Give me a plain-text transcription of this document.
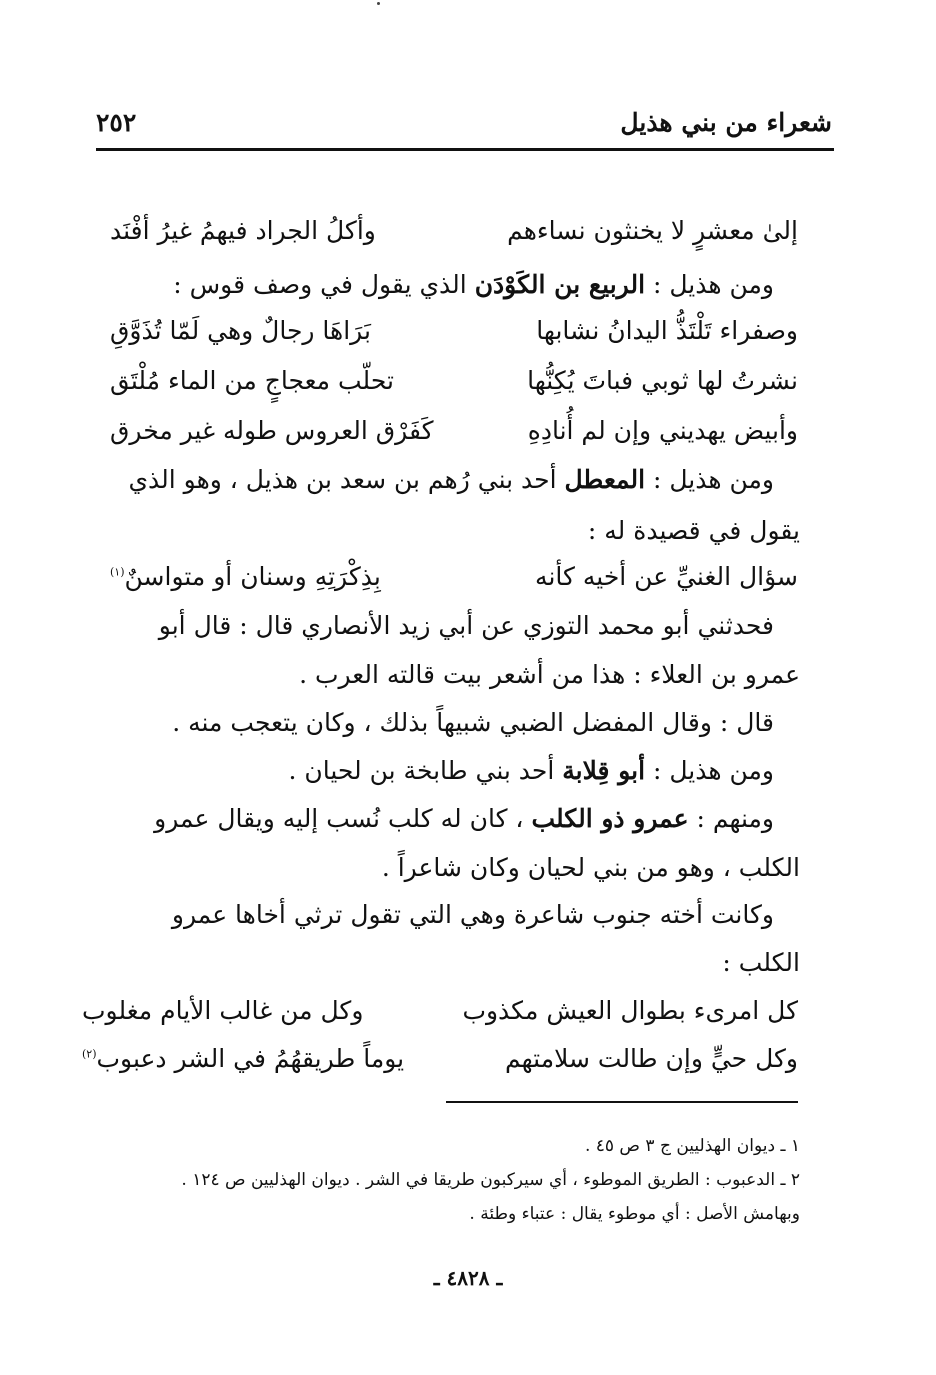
شعراء من بني هذيل
٢٥٢
إلىٰ معشرٍ لا يخنثون نساءهم
وأكلُ الجراد فيهمُ غيرُ أفْنَد
ومن هذيل : الربيع بن الكَوْدَن الذي يقول في وصف قوس :
وصفراء تَلْتَذُّ اليدانُ نشابها
بَرَاهَا رجالٌ وهي لَمّا تُذَوَّقِ
نشرتُ لها ثوبي فباتَ يُكِنُّها
تحلّب معجاجٍ من الماء مُلْتَق
وأبيض يهديني وإن لم أُنادِهِ
كَفَرْق العروس طوله غير مخرق
ومن هذيل : المعطل أحد بني رُهم بن سعد بن هذيل ، وهو الذي
يقول في قصيدة له :
سؤال الغنيِّ عن أخيه كأنه
بِذِكْرَتِهِ وسنان أو متواسنٌ$^{(١)}$
فحدثني أبو محمد التوزي عن أبي زيد الأنصاري قال : قال أبو
عمرو بن العلاء : هذا من أشعر بيت قالته العرب .
قال : وقال المفضل الضبي شبيهاً بذلك ، وكان يتعجب منه .
ومن هذيل : أبو قِلابة أحد بني طابخة بن لحيان .
ومنهم : عمرو ذو الكلب ، كان له كلب نُسب إليه ويقال عمرو
الكلب ، وهو من بني لحيان وكان شاعراً .
وكانت أخته جنوب شاعرة وهي التي تقول ترثي أخاها عمرو
الكلب :
كل امرىء بطوال العيش مكذوب
وكل من غالب الأيام مغلوب
وكل حيٍّ وإن طالت سلامتهم
يوماً طريقهُمُ في الشر دعبوب$^{(٢)}$
١ ـ ديوان الهذليين ج ٣ ص ٤٥ .
٢ ـ الدعبوب : الطريق الموطوء ، أي سيركبون طريقا في الشر . ديوان الهذليين ص ١٢٤ .
وبهامش الأصل : أي موطوء يقال : عتباء وطئة .
ـ ٤٨٢٨ ـ
